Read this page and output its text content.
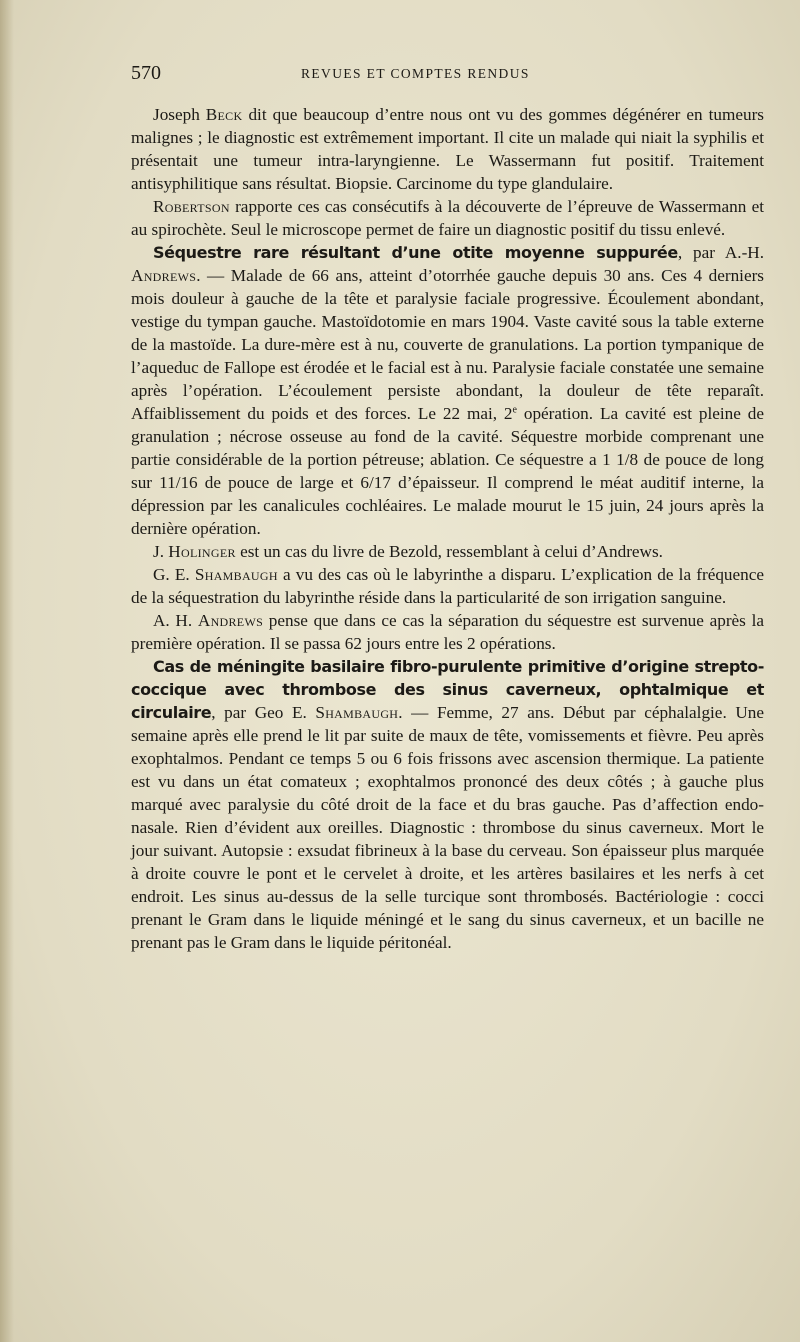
570	REVUES ET COMPTES RENDUS

Joseph Beck dit que beaucoup d’entre nous ont vu des gommes dégénérer en tumeurs malignes ; le diagnostic est extrêmement important. Il cite un malade qui niait la syphilis et présentait une tumeur intra-laryngienne. Le Wassermann fut positif. Traitement antisyphilitique sans résultat. Biopsie. Carcinome du type glandulaire.

Robertson rapporte ces cas consécutifs à la découverte de l’épreuve de Wassermann et au spirochète. Seul le microscope permet de faire un diagnostic positif du tissu enlevé.

Séquestre rare résultant d’une otite moyenne suppurée, par A.-H. Andrews. — Malade de 66 ans, atteint d’otorrhée gauche depuis 30 ans. Ces 4 derniers mois douleur à gauche de la tête et paralysie faciale progressive. Écoulement abondant, vestige du tympan gauche. Mastoïdotomie en mars 1904. Vaste cavité sous la table externe de la mastoïde. La dure-mère est à nu, couverte de granulations. La portion tympanique de l’aqueduc de Fallope est érodée et le facial est à nu. Paralysie faciale constatée une semaine après l’opération. L’écoulement persiste abondant, la douleur de tête reparaît. Affaiblissement du poids et des forces. Le 22 mai, 2e opération. La cavité est pleine de granulation ; nécrose osseuse au fond de la cavité. Séquestre morbide comprenant une partie considérable de la portion pétreuse; ablation. Ce séquestre a 1 1/8 de pouce de long sur 11/16 de pouce de large et 6/17 d’épaisseur. Il comprend le méat auditif interne, la dépression par les canalicules cochléaires. Le malade mourut le 15 juin, 24 jours après la dernière opération.

J. Holinger est un cas du livre de Bezold, ressemblant à celui d’Andrews.

G. E. Shambaugh a vu des cas où le labyrinthe a disparu. L’explication de la fréquence de la séquestration du labyrinthe réside dans la particularité de son irrigation sanguine.

A. H. Andrews pense que dans ce cas la séparation du séquestre est survenue après la première opération. Il se passa 62 jours entre les 2 opérations.

Cas de méningite basilaire fibro-purulente primitive d’origine strepto-coccique avec thrombose des sinus caverneux, ophtalmique et circulaire, par Geo E. Shambaugh. — Femme, 27 ans. Début par céphalalgie. Une semaine après elle prend le lit par suite de maux de tête, vomissements et fièvre. Peu après exophtalmos. Pendant ce temps 5 ou 6 fois frissons avec ascension thermique. La patiente est vu dans un état comateux ; exophtalmos prononcé des deux côtés ; à gauche plus marqué avec paralysie du côté droit de la face et du bras gauche. Pas d’affection endo-nasale. Rien d’évident aux oreilles. Diagnostic : thrombose du sinus caverneux. Mort le jour suivant. Autopsie : exsudat fibrineux à la base du cerveau. Son épaisseur plus marquée à droite couvre le pont et le cervelet à droite, et les artères basilaires et les nerfs à cet endroit. Les sinus au-dessus de la selle turcique sont thrombosés. Bactériologie : cocci prenant le Gram dans le liquide méningé et le sang du sinus caverneux, et un bacille ne prenant pas le Gram dans le liquide péritonéal.
